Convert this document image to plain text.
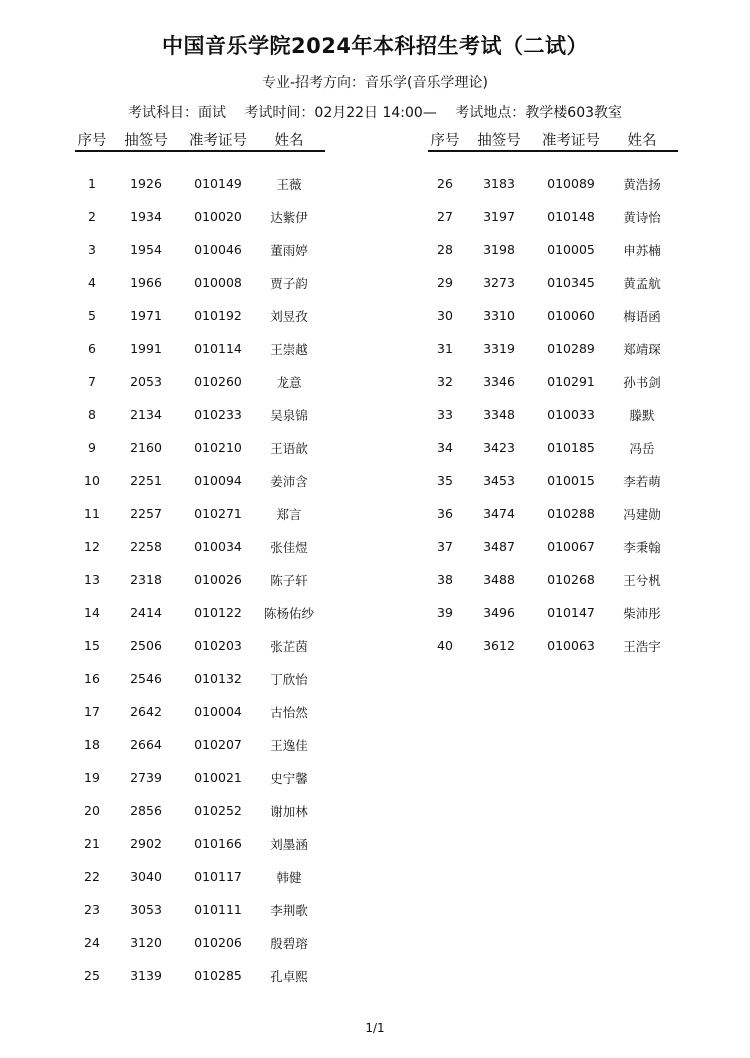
中国音乐学院2024年本科招生考试（二试）
专业-招考方向：音乐学(音乐学理论)
考试科目：面试 考试时间：02月22日 14:00— 考试地点：教学楼603教室
序号	抽签号	准考证号	姓名
1	1926	010149	王薇
2	1934	010020	达紫伊
3	1954	010046	董雨婷
4	1966	010008	贾子韵
5	1971	010192	刘昱孜
6	1991	010114	王崇越
7	2053	010260	龙意
8	2134	010233	吴泉锦
9	2160	010210	王语歆
10	2251	010094	姜沛含
11	2257	010271	郑言
12	2258	010034	张佳煜
13	2318	010026	陈子轩
14	2414	010122	陈杨佑纱
15	2506	010203	张芷茵
16	2546	010132	丁欣怡
17	2642	010004	古怡然
18	2664	010207	王逸佳
19	2739	010021	史宁馨
20	2856	010252	谢加林
21	2902	010166	刘墨涵
22	3040	010117	韩健
23	3053	010111	李荆歌
24	3120	010206	殷碧瑢
25	3139	010285	孔卓熙
序号	抽签号	准考证号	姓名
26	3183	010089	黄浩扬
27	3197	010148	黄诗怡
28	3198	010005	申苏楠
29	3273	010345	黄孟航
30	3310	010060	梅语函
31	3319	010289	郑靖琛
32	3346	010291	孙书剑
33	3348	010033	滕默
34	3423	010185	冯岳
35	3453	010015	李若萌
36	3474	010288	冯建勋
37	3487	010067	李秉翰
38	3488	010268	王兮杋
39	3496	010147	柴沛彤
40	3612	010063	王浩宇
1/1
